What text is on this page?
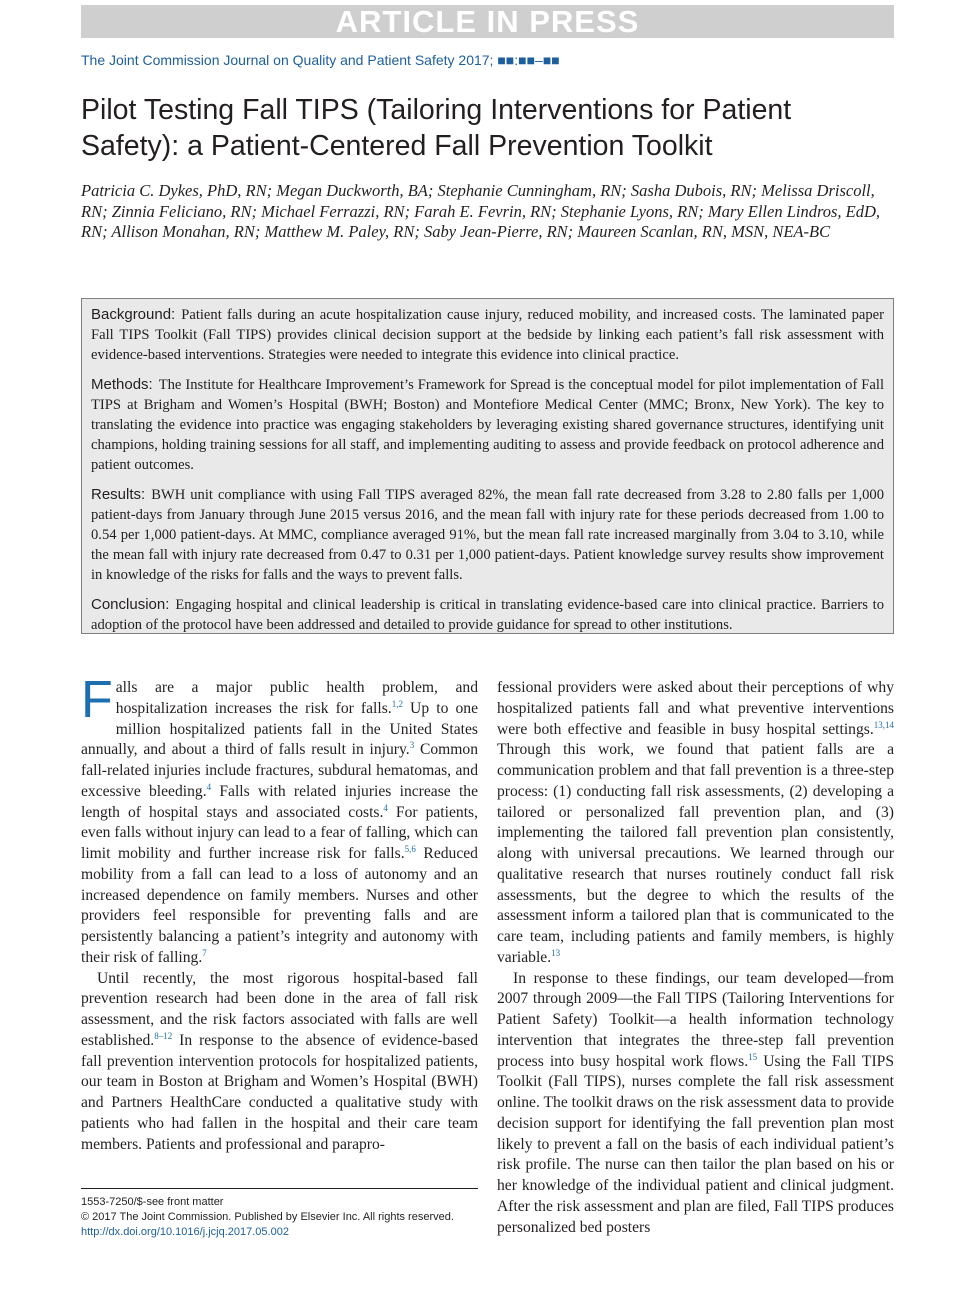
ARTICLE IN PRESS
The Joint Commission Journal on Quality and Patient Safety 2017; ■■:■■–■■
Pilot Testing Fall TIPS (Tailoring Interventions for Patient Safety): a Patient-Centered Fall Prevention Toolkit
Patricia C. Dykes, PhD, RN; Megan Duckworth, BA; Stephanie Cunningham, RN; Sasha Dubois, RN; Melissa Driscoll, RN; Zinnia Feliciano, RN; Michael Ferrazzi, RN; Farah E. Fevrin, RN; Stephanie Lyons, RN; Mary Ellen Lindros, EdD, RN; Allison Monahan, RN; Matthew M. Paley, RN; Saby Jean-Pierre, RN; Maureen Scanlan, RN, MSN, NEA-BC

Background: Patient falls during an acute hospitalization cause injury, reduced mobility, and increased costs. The laminated paper Fall TIPS Toolkit (Fall TIPS) provides clinical decision support at the bedside by linking each patient’s fall risk assessment with evidence-based interventions. Strategies were needed to integrate this evidence into clinical practice.

Methods: The Institute for Healthcare Improvement’s Framework for Spread is the conceptual model for pilot implementation of Fall TIPS at Brigham and Women’s Hospital (BWH; Boston) and Montefiore Medical Center (MMC; Bronx, New York). The key to translating the evidence into practice was engaging stakeholders by leveraging existing shared governance structures, identifying unit champions, holding training sessions for all staff, and implementing auditing to assess and provide feedback on protocol adherence and patient outcomes.

Results: BWH unit compliance with using Fall TIPS averaged 82%, the mean fall rate decreased from 3.28 to 2.80 falls per 1,000 patient-days from January through June 2015 versus 2016, and the mean fall with injury rate for these periods decreased from 1.00 to 0.54 per 1,000 patient-days. At MMC, compliance averaged 91%, but the mean fall rate increased marginally from 3.04 to 3.10, while the mean fall with injury rate decreased from 0.47 to 0.31 per 1,000 patient-days. Patient knowledge survey results show improvement in knowledge of the risks for falls and the ways to prevent falls.

Conclusion: Engaging hospital and clinical leadership is critical in translating evidence-based care into clinical practice. Barriers to adoption of the protocol have been addressed and detailed to provide guidance for spread to other institutions.

Falls are a major public health problem, and hospitalization increases the risk for falls.$^{1,2}$ Up to one million hospitalized patients fall in the United States annually, and about a third of falls result in injury.$^3$ Common fall-related injuries include fractures, subdural hematomas, and excessive bleeding.$^4$ Falls with related injuries increase the length of hospital stays and associated costs.$^4$ For patients, even falls without injury can lead to a fear of falling, which can limit mobility and further increase risk for falls.$^{5,6}$ Reduced mobility from a fall can lead to a loss of autonomy and an increased dependence on family members. Nurses and other providers feel responsible for preventing falls and are persistently balancing a patient’s integrity and autonomy with their risk of falling.$^7$

Until recently, the most rigorous hospital-based fall prevention research had been done in the area of fall risk assessment, and the risk factors associated with falls are well established.$^{8-12}$ In response to the absence of evidence-based fall prevention intervention protocols for hospitalized patients, our team in Boston at Brigham and Women’s Hospital (BWH) and Partners HealthCare conducted a qualitative study with patients who had fallen in the hospital and their care team members. Patients and professional and parapro-

fessional providers were asked about their perceptions of why hospitalized patients fall and what preventive interventions were both effective and feasible in busy hospital settings.$^{13,14}$ Through this work, we found that patient falls are a communication problem and that fall prevention is a three-step process: (1) conducting fall risk assessments, (2) developing a tailored or personalized fall prevention plan, and (3) implementing the tailored fall prevention plan consistently, along with universal precautions. We learned through our qualitative research that nurses routinely conduct fall risk assessments, but the degree to which the results of the assessment inform a tailored plan that is communicated to the care team, including patients and family members, is highly variable.$^{13}$

In response to these findings, our team developed—from 2007 through 2009—the Fall TIPS (Tailoring Interventions for Patient Safety) Toolkit—a health information technology intervention that integrates the three-step fall prevention process into busy hospital work flows.$^{15}$ Using the Fall TIPS Toolkit (Fall TIPS), nurses complete the fall risk assessment online. The toolkit draws on the risk assessment data to provide decision support for identifying the fall prevention plan most likely to prevent a fall on the basis of each individual patient’s risk profile. The nurse can then tailor the plan based on his or her knowledge of the individual patient and clinical judgment. After the risk assessment and plan are filed, Fall TIPS produces personalized bed posters

1553-7250/$-see front matter
© 2017 The Joint Commission. Published by Elsevier Inc. All rights reserved.
http://dx.doi.org/10.1016/j.jcjq.2017.05.002
